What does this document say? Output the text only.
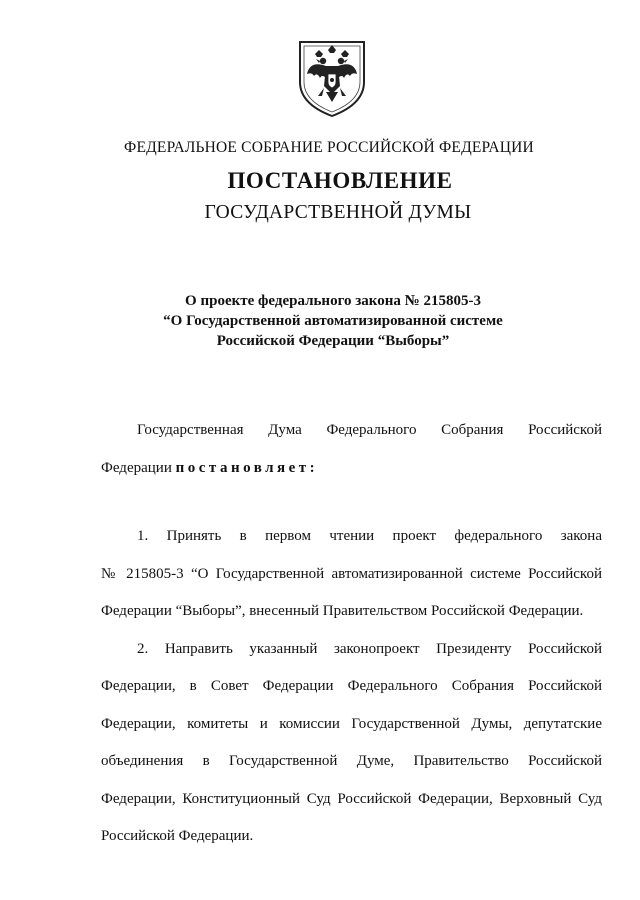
ФЕДЕРАЛЬНОЕ СОБРАНИЕ РОССИЙСКОЙ ФЕДЕРАЦИИ
ПОСТАНОВЛЕНИЕ
ГОСУДАРСТВЕННОЙ ДУМЫ
О проекте федерального закона № 215805-3
“О Государственной автоматизированной системе
Российской Федерации “Выборы”
Государственная Дума Федерального Собрания Российской
Федерации постановляет:
1. Принять в первом чтении проект федерального закона
№ 215805-3 “О Государственной автоматизированной системе Российской
Федерации “Выборы”, внесенный Правительством Российской Федерации.
2. Направить указанный законопроект Президенту Российской
Федерации, в Совет Федерации Федерального Собрания Российской
Федерации, комитеты и комиссии Государственной Думы, депутатские
объединения в Государственной Думе, Правительство Российской
Федерации, Конституционный Суд Российской Федерации, Верховный Суд
Российской Федерации.
